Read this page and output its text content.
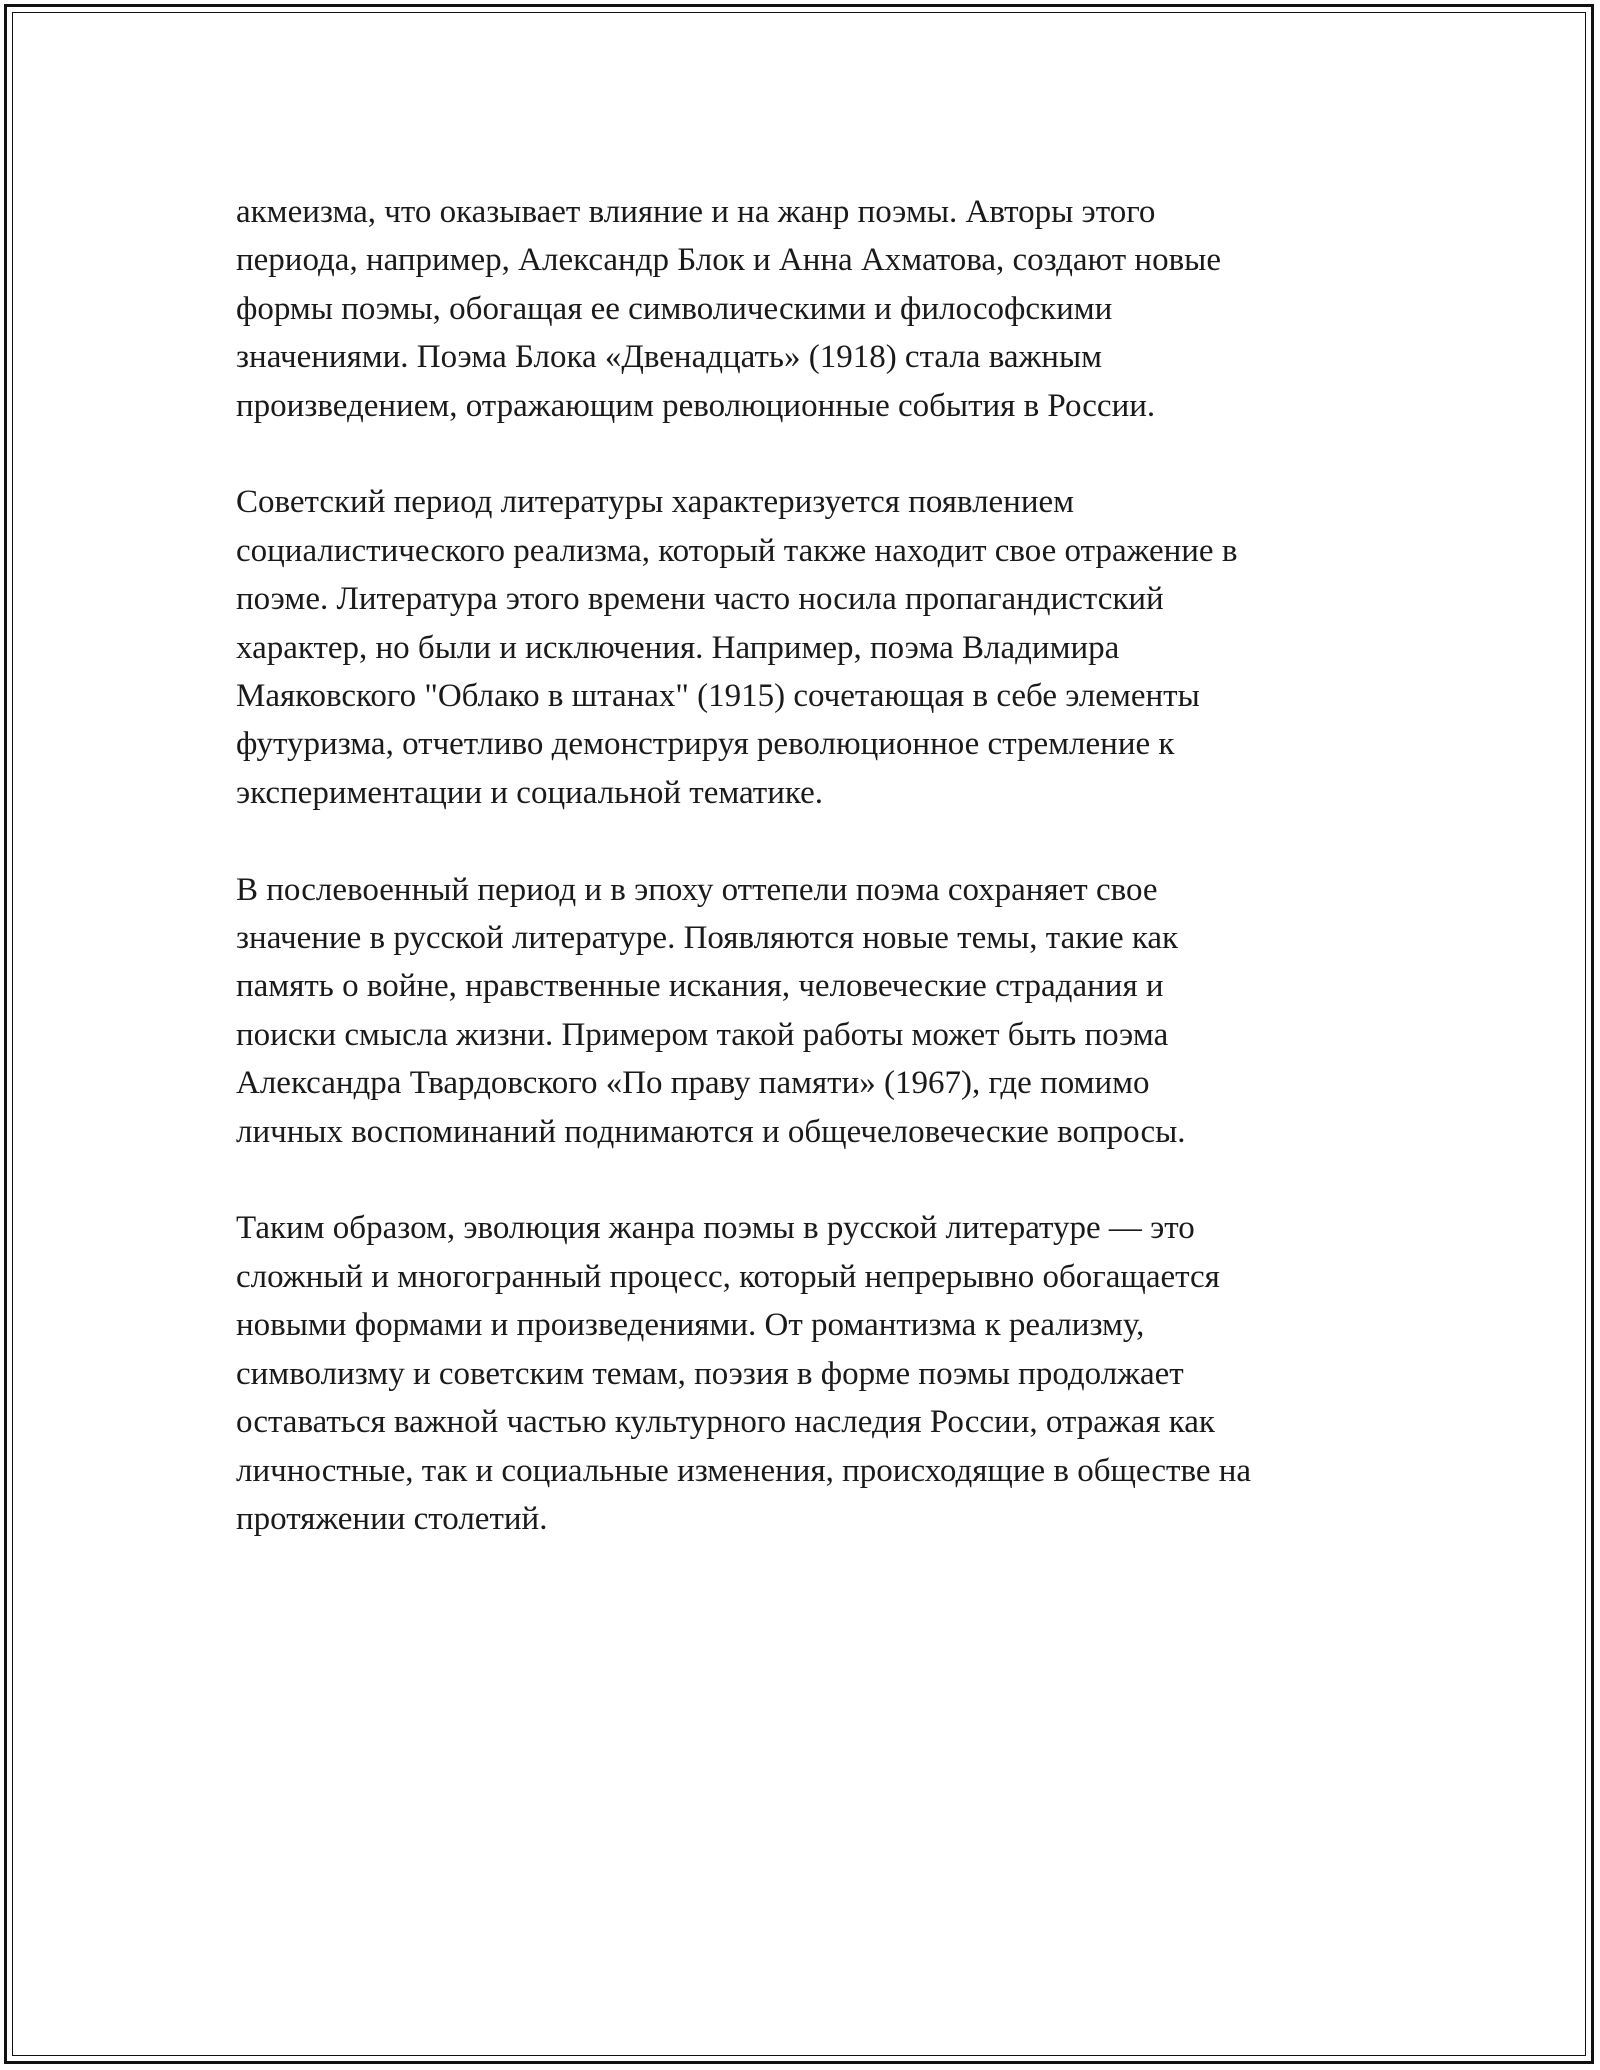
акмеизма, что оказывает влияние и на жанр поэмы. Авторы этого
периода, например, Александр Блок и Анна Ахматова, создают новые
формы поэмы, обогащая ее символическими и философскими
значениями. Поэма Блока «Двенадцать» (1918) стала важным
произведением, отражающим революционные события в России.

Советский период литературы характеризуется появлением
социалистического реализма, который также находит свое отражение в
поэме. Литература этого времени часто носила пропагандистский
характер, но были и исключения. Например, поэма Владимира
Маяковского "Облако в штанах" (1915) сочетающая в себе элементы
футуризма, отчетливо демонстрируя революционное стремление к
экспериментации и социальной тематике.

В послевоенный период и в эпоху оттепели поэма сохраняет свое
значение в русской литературе. Появляются новые темы, такие как
память о войне, нравственные искания, человеческие страдания и
поиски смысла жизни. Примером такой работы может быть поэма
Александра Твардовского «По праву памяти» (1967), где помимо
личных воспоминаний поднимаются и общечеловеческие вопросы.

Таким образом, эволюция жанра поэмы в русской литературе — это
сложный и многогранный процесс, который непрерывно обогащается
новыми формами и произведениями. От романтизма к реализму,
символизму и советским темам, поэзия в форме поэмы продолжает
оставаться важной частью культурного наследия России, отражая как
личностные, так и социальные изменения, происходящие в обществе на
протяжении столетий.
